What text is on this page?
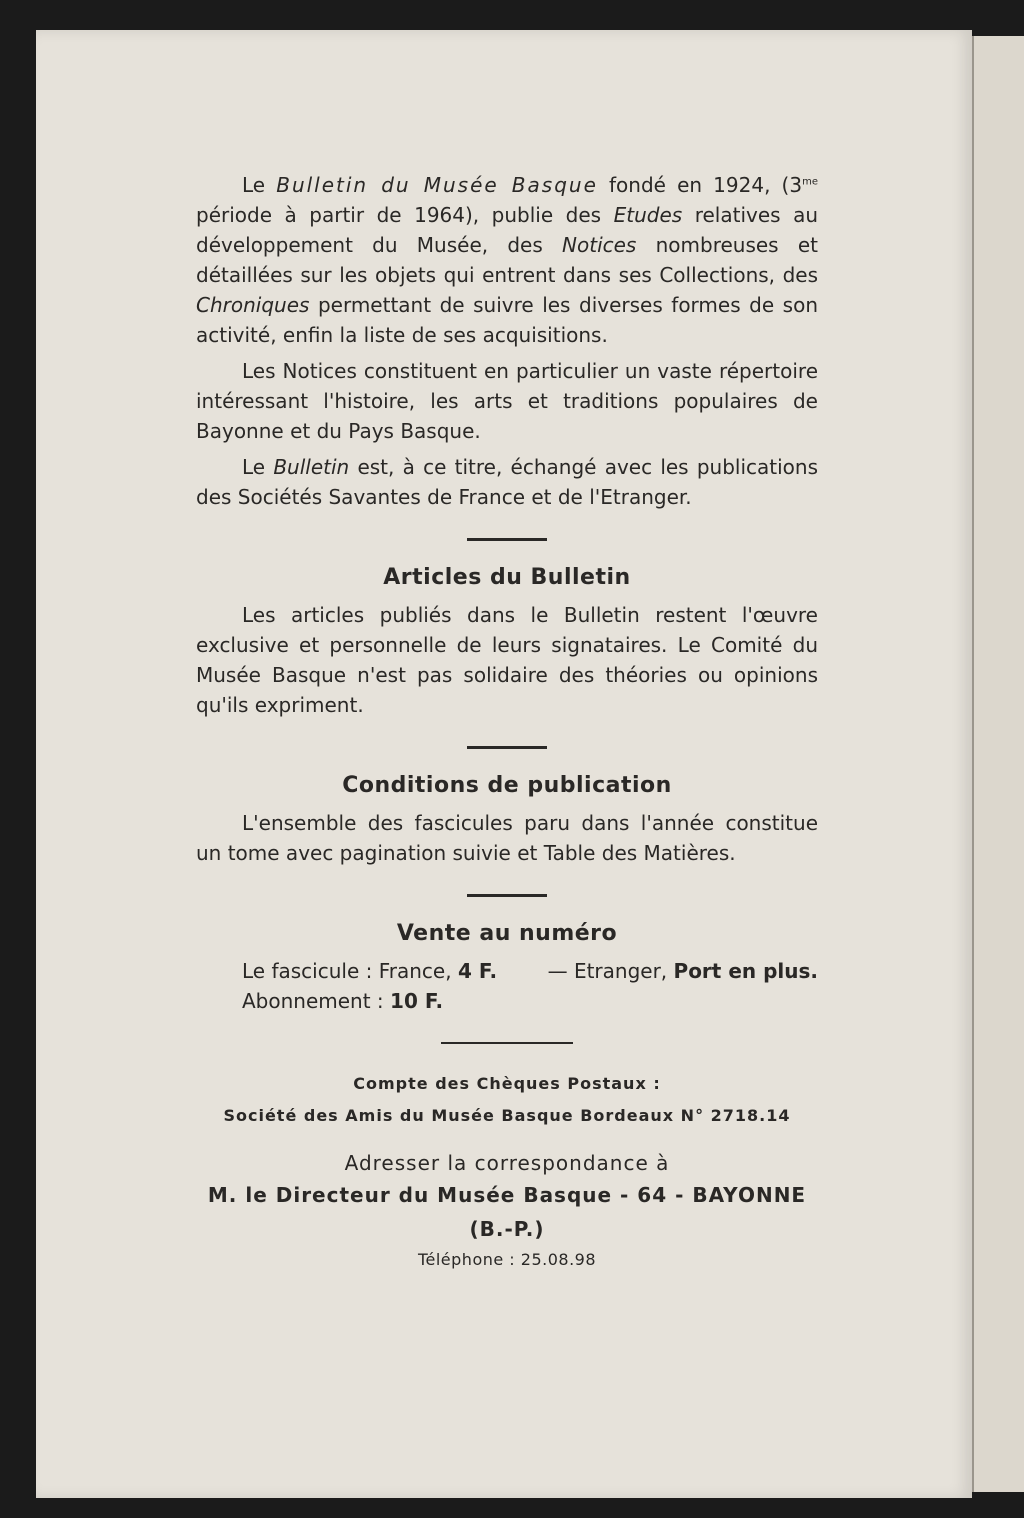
Le Bulletin du Musée Basque fondé en 1924, ($3^{me}$ période à partir de 1964), publie des Etudes relatives au développement du Musée, des Notices nombreuses et détaillées sur les objets qui entrent dans ses Collections, des Chroniques permettant de suivre les diverses formes de son activité, enfin la liste de ses acquisitions.

Les Notices constituent en particulier un vaste répertoire intéressant l'histoire, les arts et traditions populaires de Bayonne et du Pays Basque.

Le Bulletin est, à ce titre, échangé avec les publications des Sociétés Savantes de France et de l'Etranger.

Articles du Bulletin

Les articles publiés dans le Bulletin restent l'œuvre exclusive et personnelle de leurs signataires. Le Comité du Musée Basque n'est pas solidaire des théories ou opinions qu'ils expriment.

Conditions de publication

L'ensemble des fascicules paru dans l'année constitue un tome avec pagination suivie et Table des Matières.

Vente au numéro
Le fascicule : France, 4 F.	— Etranger, Port en plus.
Abonnement : 10 F.
Compte des Chèques Postaux :
Société des Amis du Musée Basque Bordeaux N° 2718.14
Adresser la correspondance à
M. le Directeur du Musée Basque - 64 - BAYONNE (B.-P.)
Téléphone : 25.08.98
